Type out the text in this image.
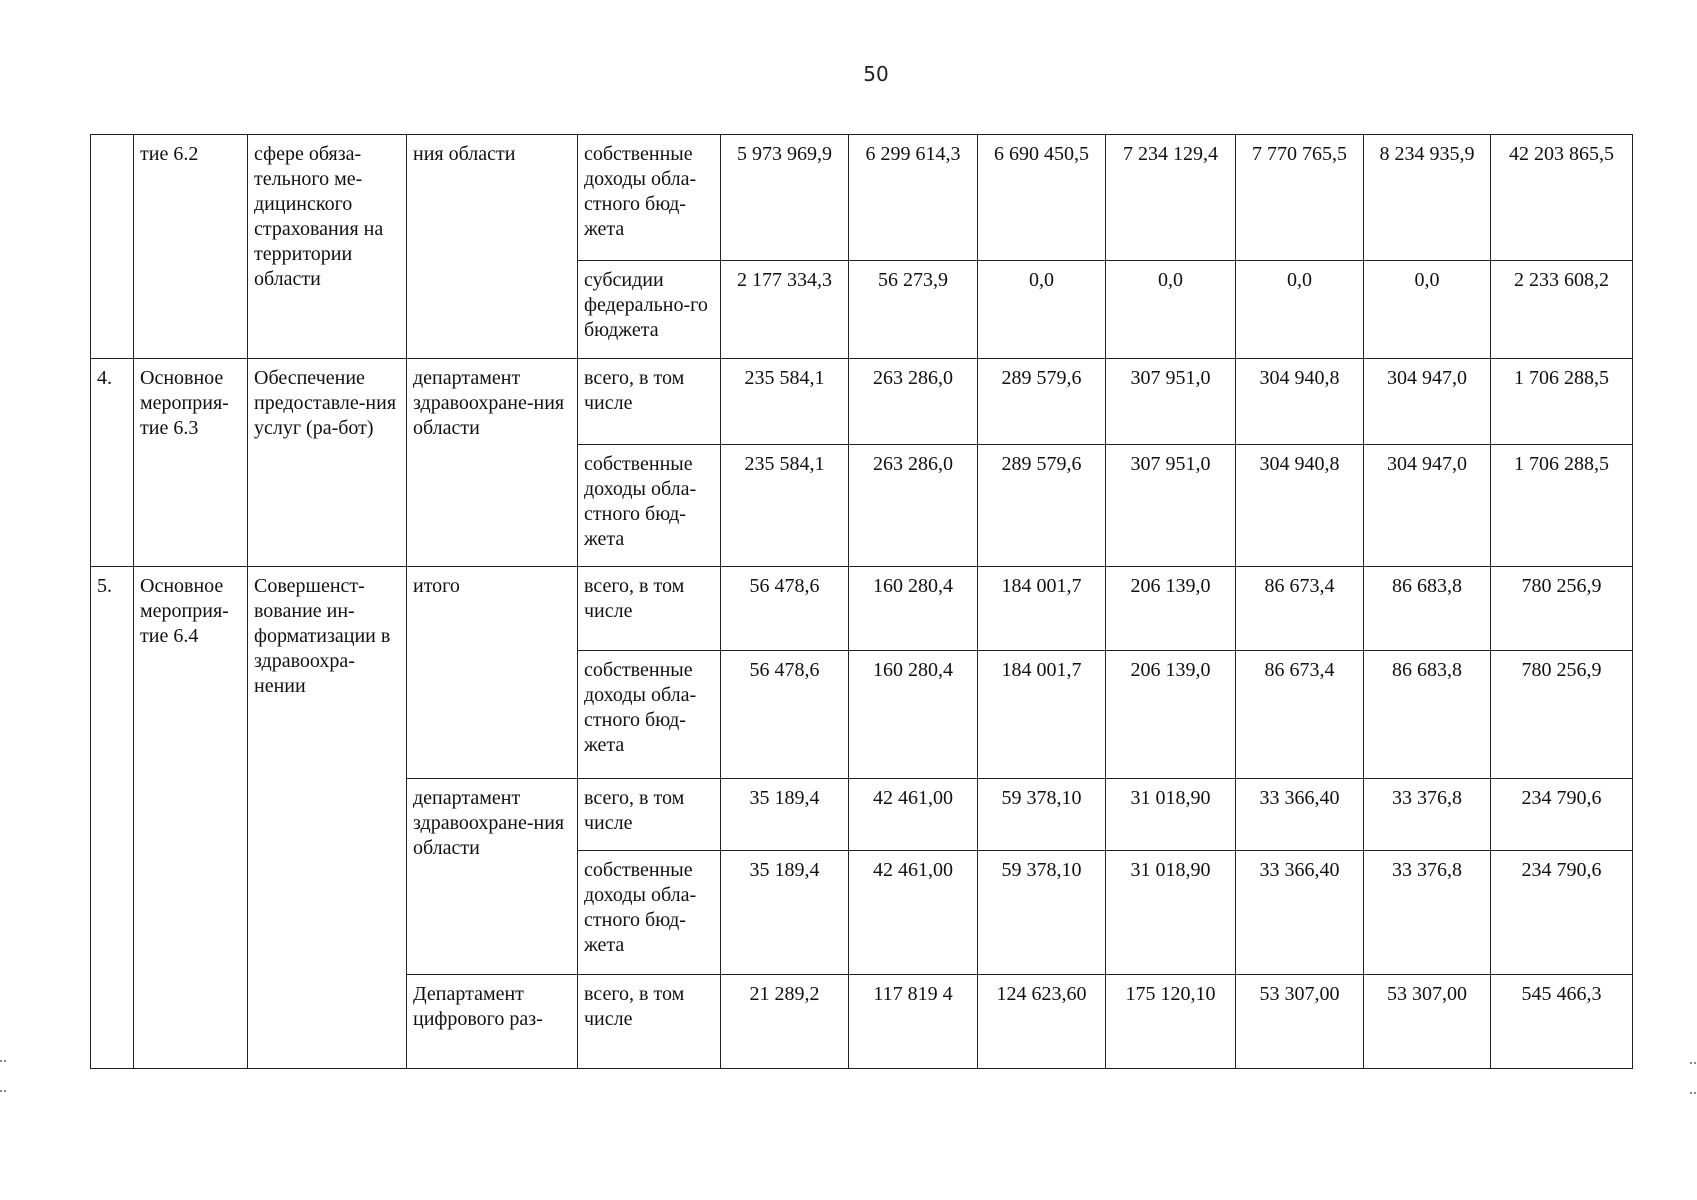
50
	тие 6.2	сфере обяза-тельного ме-дицинского страхования на территории области	ния области	собственные доходы обла-стного бюд-жета	5 973 969,9	6 299 614,3	6 690 450,5	7 234 129,4	7 770 765,5	8 234 935,9	42 203 865,5
				субсидии федерально-го бюджета	2 177 334,3	56 273,9	0,0	0,0	0,0	0,0	2 233 608,2
4.	Основное мероприя-тие 6.3	Обеспечение предоставле-ния услуг (ра-бот)	департамент здравоохране-ния области	всего, в том числе	235 584,1	263 286,0	289 579,6	307 951,0	304 940,8	304 947,0	1 706 288,5
				собственные доходы обла-стного бюд-жета	235 584,1	263 286,0	289 579,6	307 951,0	304 940,8	304 947,0	1 706 288,5
5.	Основное мероприя-тие 6.4	Совершенст-вование ин-форматизации в здравоохра-нении	итого	всего, в том числе	56 478,6	160 280,4	184 001,7	206 139,0	86 673,4	86 683,8	780 256,9
				собственные доходы обла-стного бюд-жета	56 478,6	160 280,4	184 001,7	206 139,0	86 673,4	86 683,8	780 256,9
			департамент здравоохране-ния области	всего, в том числе	35 189,4	42 461,00	59 378,10	31 018,90	33 366,40	33 376,8	234 790,6
				собственные доходы обла-стного бюд-жета	35 189,4	42 461,00	59 378,10	31 018,90	33 366,40	33 376,8	234 790,6
			Департамент цифрового раз-	всего, в том числе	21 289,2	117 819 4	124 623,60	175 120,10	53 307,00	53 307,00	545 466,3
